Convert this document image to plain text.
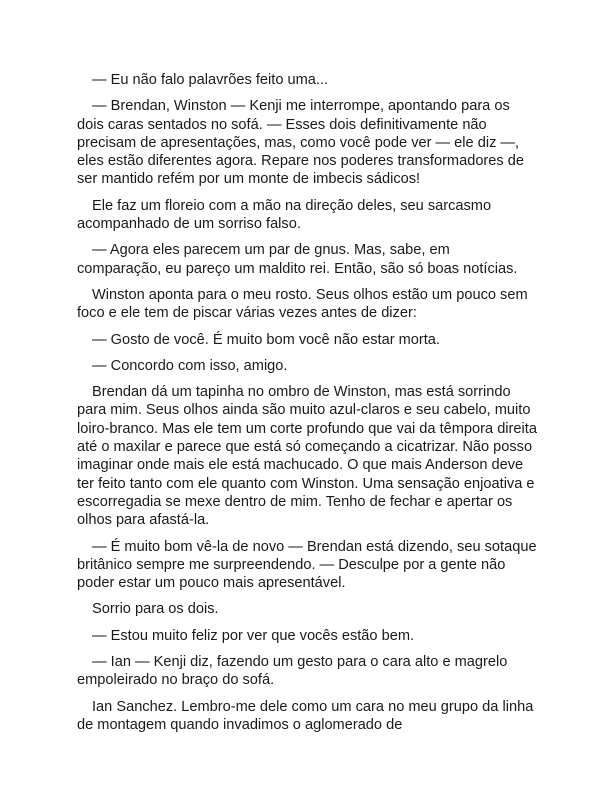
— Eu não falo palavrões feito uma...

— Brendan, Winston — Kenji me interrompe, apontando para os dois caras sentados no sofá. — Esses dois definitivamente não precisam de apresentações, mas, como você pode ver — ele diz —, eles estão diferentes agora. Repare nos poderes transformadores de ser mantido refém por um monte de imbecis sádicos!

Ele faz um floreio com a mão na direção deles, seu sarcasmo acompanhado de um sorriso falso.

— Agora eles parecem um par de gnus. Mas, sabe, em comparação, eu pareço um maldito rei. Então, são só boas notícias.

Winston aponta para o meu rosto. Seus olhos estão um pouco sem foco e ele tem de piscar várias vezes antes de dizer:

— Gosto de você. É muito bom você não estar morta.

— Concordo com isso, amigo.

Brendan dá um tapinha no ombro de Winston, mas está sorrindo para mim. Seus olhos ainda são muito azul-claros e seu cabelo, muito loiro-branco. Mas ele tem um corte profundo que vai da têmpora direita até o maxilar e parece que está só começando a cicatrizar. Não posso imaginar onde mais ele está machucado. O que mais Anderson deve ter feito tanto com ele quanto com Winston. Uma sensação enjoativa e escorregadia se mexe dentro de mim. Tenho de fechar e apertar os olhos para afastá-la.

— É muito bom vê-la de novo — Brendan está dizendo, seu sotaque britânico sempre me surpreendendo. — Desculpe por a gente não poder estar um pouco mais apresentável.

Sorrio para os dois.

— Estou muito feliz por ver que vocês estão bem.

— Ian — Kenji diz, fazendo um gesto para o cara alto e magrelo empoleirado no braço do sofá.

Ian Sanchez. Lembro-me dele como um cara no meu grupo da linha de montagem quando invadimos o aglomerado de
